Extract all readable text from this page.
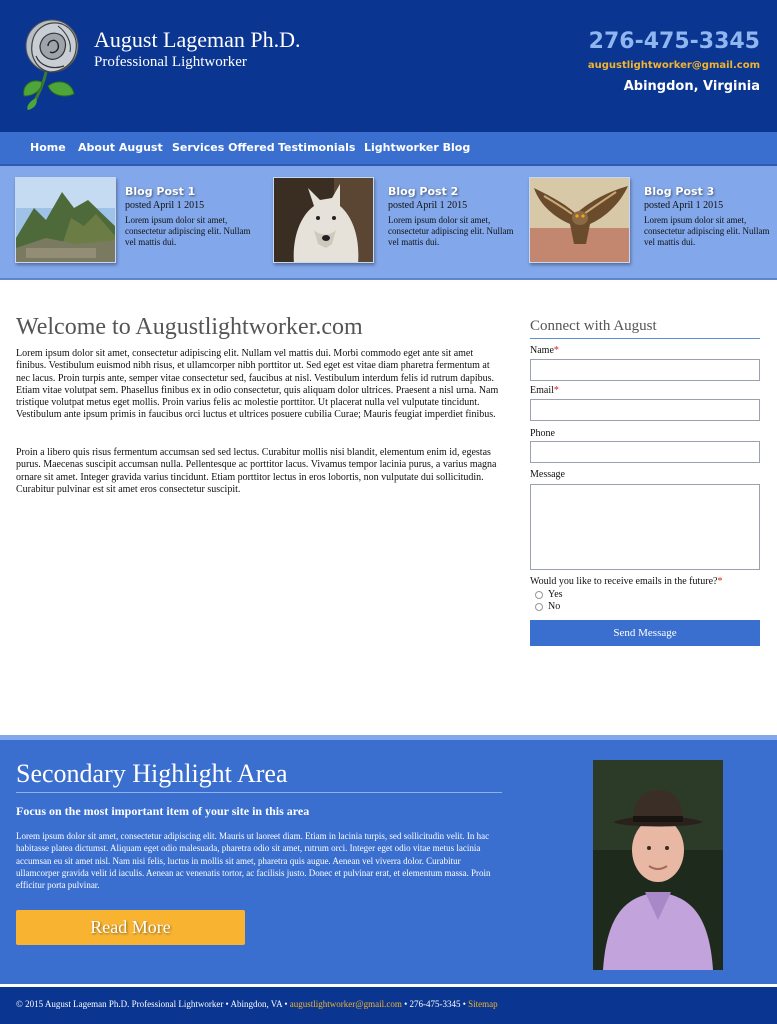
August Lageman Ph.D.
Professional Lightworker
276-475-3345
augustlightworker@gmail.com
Abingdon, Virginia
Home About August Services Offered Testimonials Lightworker Blog
Blog Post 1
posted April 1 2015
Lorem ipsum dolor sit amet, consectetur adipiscing elit. Nullam vel mattis dui.
Blog Post 2
posted April 1 2015
Lorem ipsum dolor sit amet, consectetur adipiscing elit. Nullam vel mattis dui.
Blog Post 3
posted April 1 2015
Lorem ipsum dolor sit amet, consectetur adipiscing elit. Nullam vel mattis dui.
Welcome to Augustlightworker.com

Lorem ipsum dolor sit amet, consectetur adipiscing elit. Nullam vel mattis dui. Morbi commodo eget ante sit amet finibus. Vestibulum euismod nibh risus, et ullamcorper nibh porttitor ut. Sed eget est vitae diam pharetra fermentum at nec lacus. Proin turpis ante, semper vitae consectetur sed, faucibus at nisl. Vestibulum interdum felis id rutrum dapibus. Etiam vitae volutpat sem. Phasellus finibus ex in odio consectetur, quis aliquam dolor ultrices. Praesent a nisl urna. Nam tristique volutpat metus eget mollis. Proin varius felis ac molestie porttitor. Ut placerat nulla vel vulputate tincidunt. Vestibulum ante ipsum primis in faucibus orci luctus et ultrices posuere cubilia Curae; Mauris feugiat imperdiet finibus.

Proin a libero quis risus fermentum accumsan sed sed lectus. Curabitur mollis nisi blandit, elementum enim id, egestas purus. Maecenas suscipit accumsan nulla. Pellentesque ac porttitor lacus. Vivamus tempor lacinia purus, a varius magna ornare sit amet. Integer gravida varius tincidunt. Etiam porttitor lectus in eros lobortis, non vulputate dui sollicitudin. Curabitur pulvinar est sit amet eros consectetur suscipit.

Connect with August
Name*
Email*
Phone
Message
Would you like to receive emails in the future?*
Yes
No
Send Message
Secondary Highlight Area
Focus on the most important item of your site in this area

Lorem ipsum dolor sit amet, consectetur adipiscing elit. Mauris ut laoreet diam. Etiam in lacinia turpis, sed sollicitudin velit. In hac habitasse platea dictumst. Aliquam eget odio malesuada, pharetra odio sit amet, rutrum orci. Integer eget odio vitae metus lacinia accumsan eu sit amet nisl. Nam nisi felis, luctus in mollis sit amet, pharetra quis augue. Aenean vel viverra dolor. Curabitur ullamcorper gravida velit id iaculis. Aenean ac venenatis tortor, ac facilisis justo. Donec et pulvinar erat, et elementum massa. Proin efficitur porta pulvinar.

Read More
© 2015 August Lageman Ph.D. Professional Lightworker • Abingdon, VA • augustlightworker@gmail.com • 276-475-3345 • Sitemap
